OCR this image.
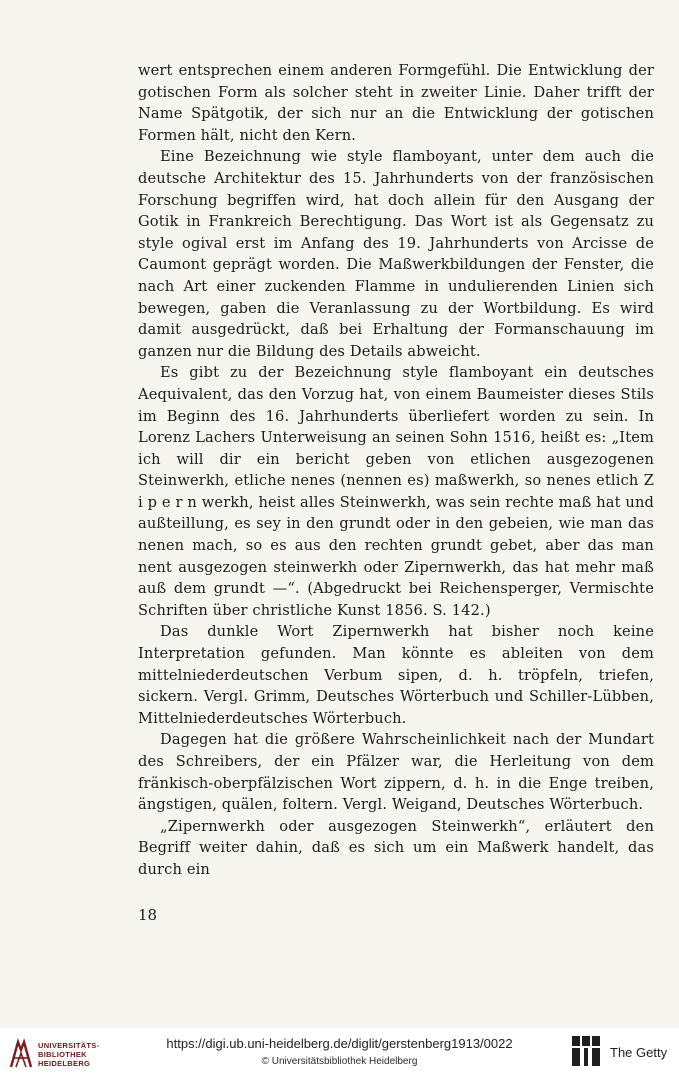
wert entsprechen einem anderen Formgefühl. Die Entwicklung der gotischen Form als solcher steht in zweiter Linie. Daher trifft der Name Spätgotik, der sich nur an die Entwicklung der gotischen Formen hält, nicht den Kern.

Eine Bezeichnung wie style flamboyant, unter dem auch die deutsche Architektur des 15. Jahrhunderts von der französischen Forschung begriffen wird, hat doch allein für den Ausgang der Gotik in Frankreich Berechtigung. Das Wort ist als Gegensatz zu style ogival erst im Anfang des 19. Jahrhunderts von Arcisse de Caumont geprägt worden. Die Maßwerkbildungen der Fenster, die nach Art einer zuckenden Flamme in undulierenden Linien sich bewegen, gaben die Veranlassung zu der Wortbildung. Es wird damit ausgedrückt, daß bei Erhaltung der Formanschauung im ganzen nur die Bildung des Details abweicht.

Es gibt zu der Bezeichnung style flamboyant ein deutsches Aequivalent, das den Vorzug hat, von einem Baumeister dieses Stils im Beginn des 16. Jahrhunderts überliefert worden zu sein. In Lorenz Lachers Unterweisung an seinen Sohn 1516, heißt es: „Item ich will dir ein bericht geben von etlichen ausgezogenen Steinwerkh, etliche nenes (nennen es) maßwerkh, so nenes etlich Z i p e r n werkh, heist alles Steinwerkh, was sein rechte maß hat und außteillung, es sey in den grundt oder in den gebeien, wie man das nenen mach, so es aus den rechten grundt gebet, aber das man nent ausgezogen steinwerkh oder Zipernwerkh, das hat mehr maß auß dem grundt —“. (Abgedruckt bei Reichensperger, Vermischte Schriften über christliche Kunst 1856. S. 142.)

Das dunkle Wort Zipernwerkh hat bisher noch keine Interpretation gefunden. Man könnte es ableiten von dem mittelniederdeutschen Verbum sipen, d. h. tröpfeln, triefen, sickern. Vergl. Grimm, Deutsches Wörterbuch und Schiller-Lübben, Mittelniederdeutsches Wörterbuch.

Dagegen hat die größere Wahrscheinlichkeit nach der Mundart des Schreibers, der ein Pfälzer war, die Herleitung von dem fränkisch-oberpfälzischen Wort zippern, d. h. in die Enge treiben, ängstigen, quälen, foltern. Vergl. Weigand, Deutsches Wörterbuch.

„Zipernwerkh oder ausgezogen Steinwerkh“, erläutert den Begriff weiter dahin, daß es sich um ein Maßwerk handelt, das durch ein

18
UNIVERSITÄTS-
BIBLIOTHEK
HEIDELBERG
https://digi.ub.uni-heidelberg.de/diglit/gerstenberg1913/0022
© Universitätsbibliothek Heidelberg
The Getty
